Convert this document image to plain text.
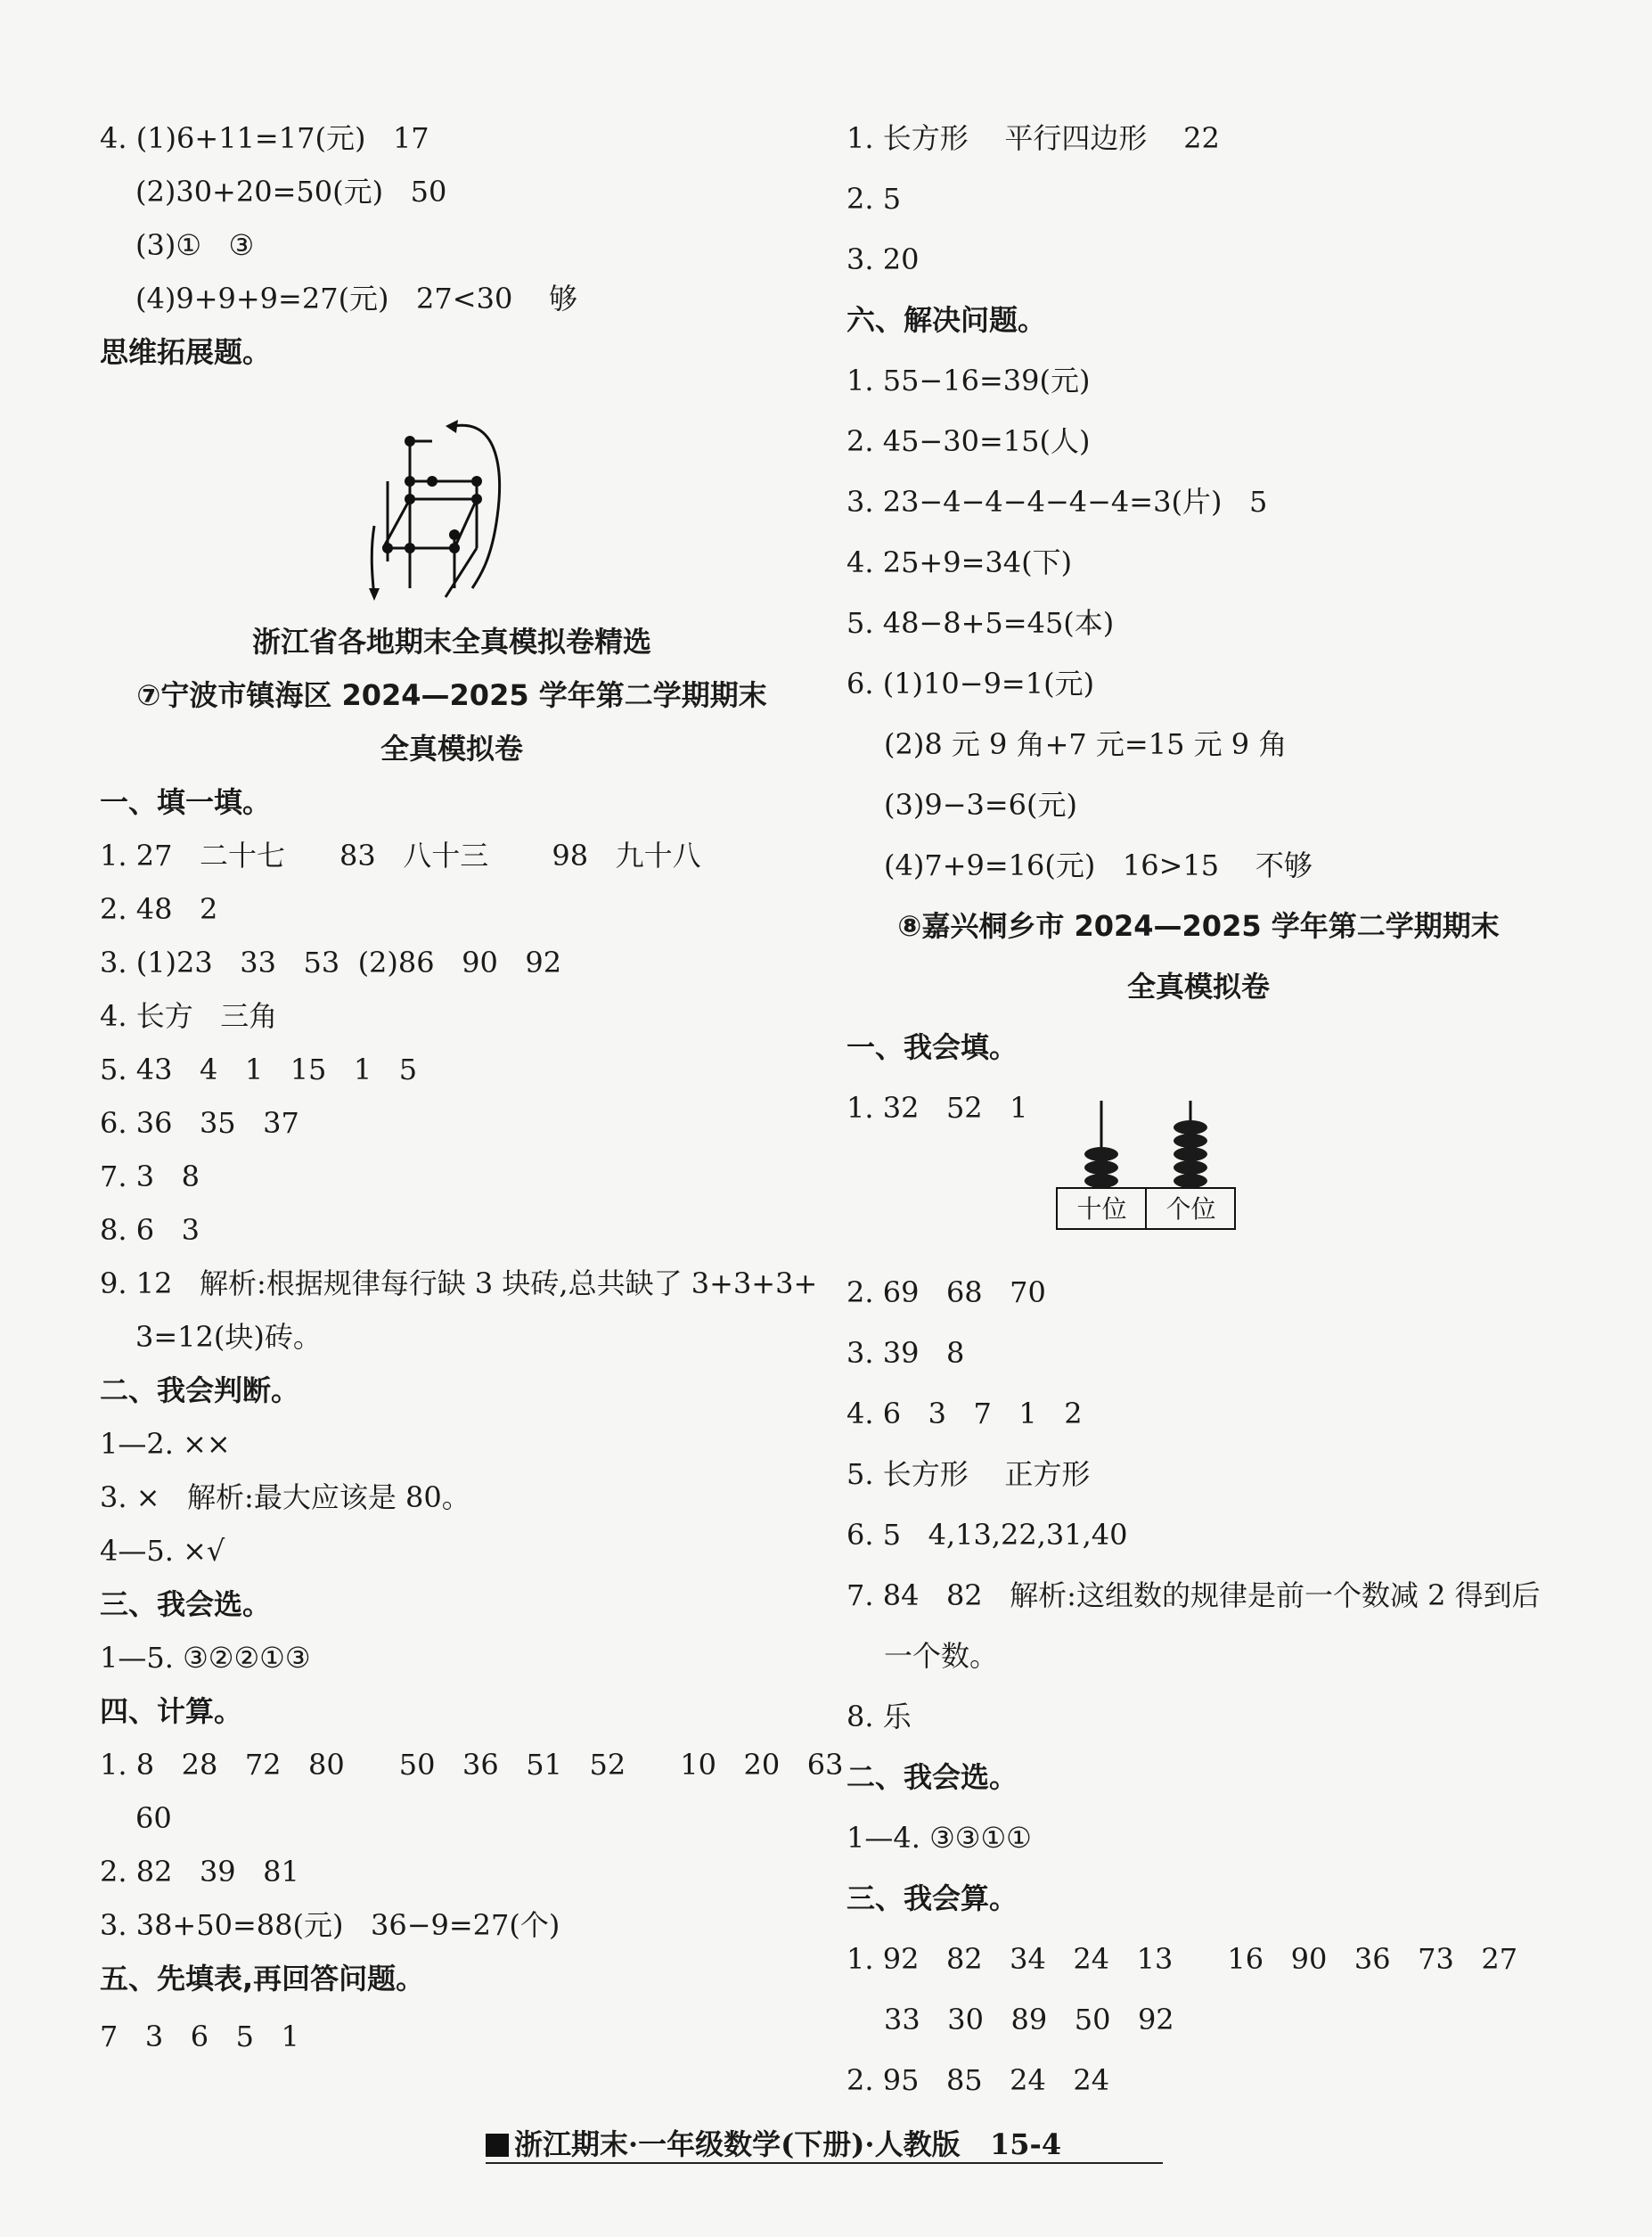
4. (1)6+11=17(元)   17
(2)30+20=50(元)   50
(3)①   ③
(4)9+9+9=27(元)   27<30    够
思维拓展题。
浙江省各地期末全真模拟卷精选
⑦宁波市镇海区 2024—2025 学年第二学期期末
全真模拟卷
一、填一填。
1. 27   二十七      83   八十三       98   九十八
2. 48   2
3. (1)23   33   53  (2)86   90   92
4. 长方   三角
5. 43   4   1   15   1   5
6. 36   35   37
7. 3   8
8. 6   3
9. 12   解析:根据规律每行缺 3 块砖,总共缺了 3+3+3+
3=12(块)砖。
二、我会判断。
1—2. ××
3. ×   解析:最大应该是 80。
4—5. ×√
三、我会选。
1—5. ③②②①③
四、计算。
1. 8   28   72   80      50   36   51   52      10   20   63
60
2. 82   39   81
3. 38+50=88(元)   36−9=27(个)
五、先填表,再回答问题。
7   3   6   5   1
1. 长方形    平行四边形    22
2. 5
3. 20
六、解决问题。
1. 55−16=39(元)
2. 45−30=15(人)
3. 23−4−4−4−4−4=3(片)   5
4. 25+9=34(下)
5. 48−8+5=45(本)
6. (1)10−9=1(元)
(2)8 元 9 角+7 元=15 元 9 角
(3)9−3=6(元)
(4)7+9=16(元)   16>15    不够
⑧嘉兴桐乡市 2024—2025 学年第二学期期末
全真模拟卷
一、我会填。
1. 32   52   1
十位	个位
2. 69   68   70
3. 39   8
4. 6   3   7   1   2
5. 长方形    正方形
6. 5   4,13,22,31,40
7. 84   82   解析:这组数的规律是前一个数减 2 得到后
一个数。
8. 乐
二、我会选。
1—4. ③③①①
三、我会算。
1. 92   82   34   24   13      16   90   36   73   27
33   30   89   50   92
2. 95   85   24   24
浙江期末·一年级数学(下册)·人教版 15-4
